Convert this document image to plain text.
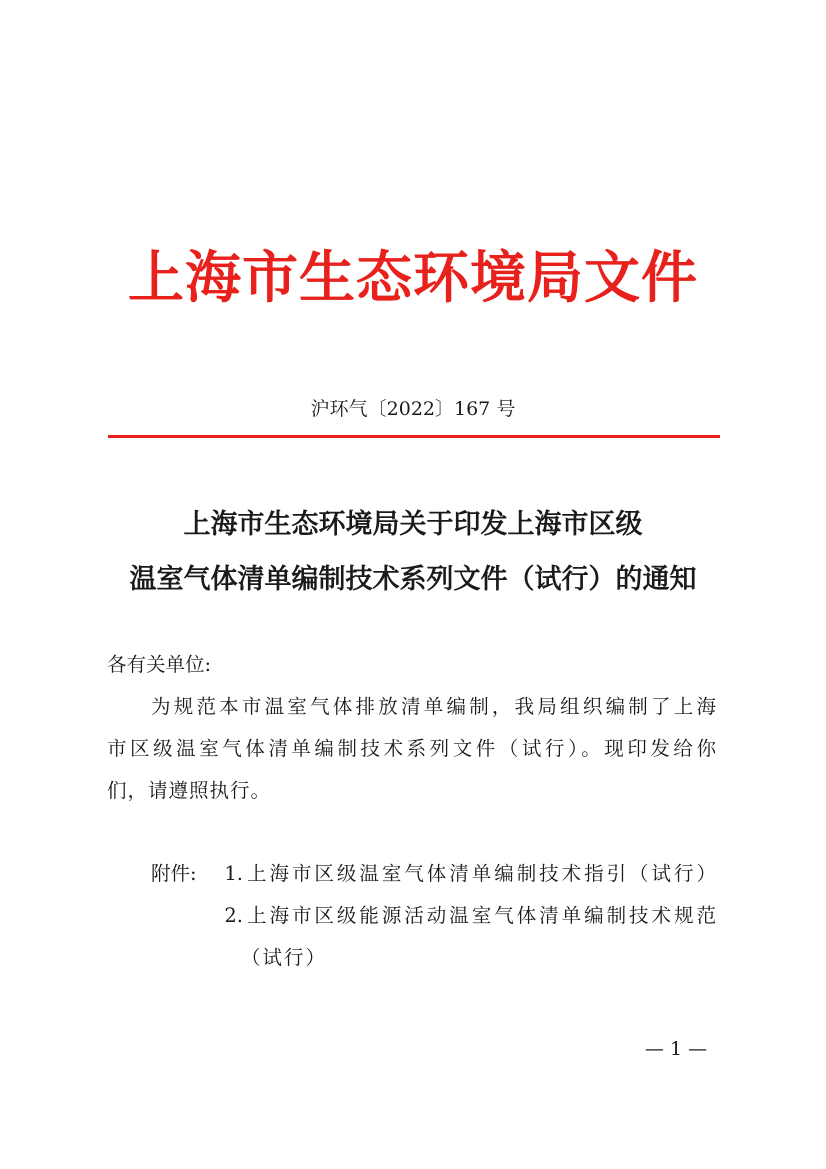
上海市生态环境局文件
沪环气〔2022〕167 号
上海市生态环境局关于印发上海市区级
温室气体清单编制技术系列文件（试行）的通知
各有关单位:
为规范本市温室气体排放清单编制，我局组织编制了上海
市区级温室气体清单编制技术系列文件（试行）。现印发给你
们，请遵照执行。
附件:	1. 上海市区级温室气体清单编制技术指引（试行）
2. 上海市区级能源活动温室气体清单编制技术规范
（试行）
— 1 —
